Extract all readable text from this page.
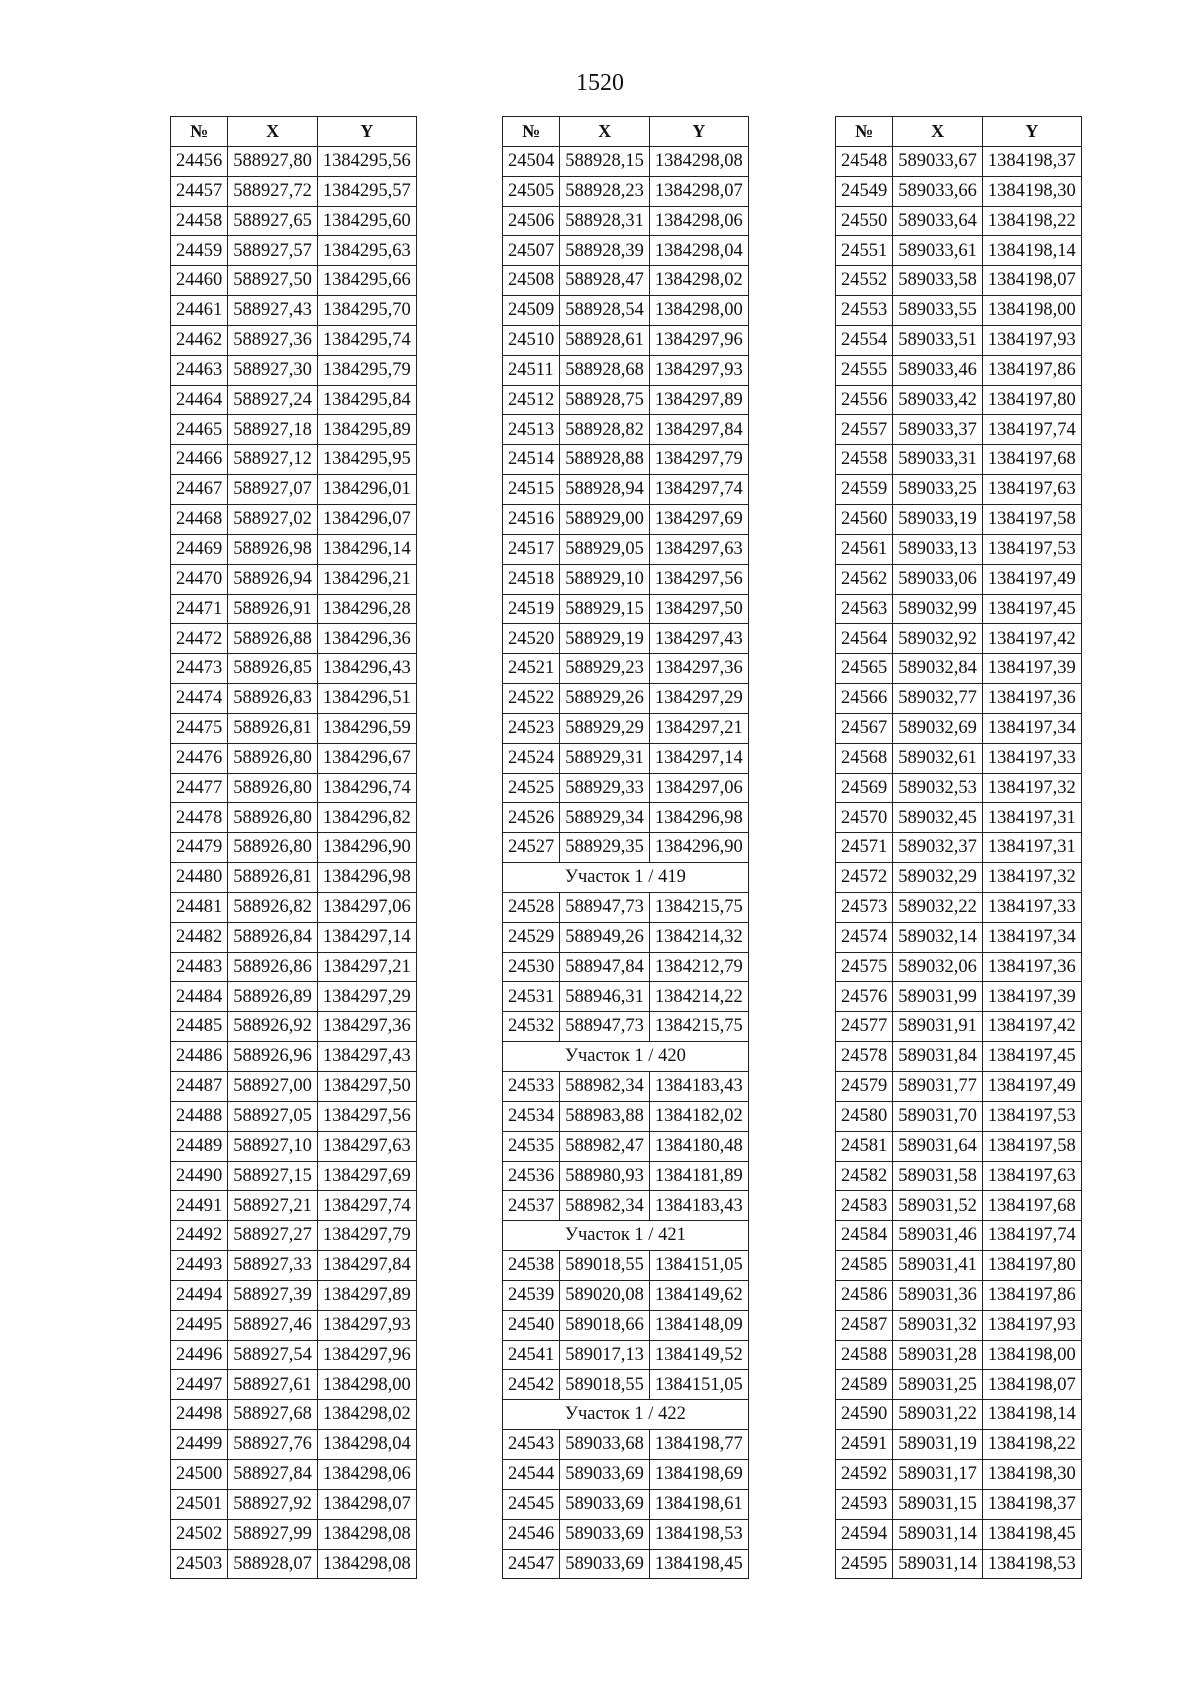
1520
№	X	Y
24456	588927,80	1384295,56
24457	588927,72	1384295,57
24458	588927,65	1384295,60
24459	588927,57	1384295,63
24460	588927,50	1384295,66
24461	588927,43	1384295,70
24462	588927,36	1384295,74
24463	588927,30	1384295,79
24464	588927,24	1384295,84
24465	588927,18	1384295,89
24466	588927,12	1384295,95
24467	588927,07	1384296,01
24468	588927,02	1384296,07
24469	588926,98	1384296,14
24470	588926,94	1384296,21
24471	588926,91	1384296,28
24472	588926,88	1384296,36
24473	588926,85	1384296,43
24474	588926,83	1384296,51
24475	588926,81	1384296,59
24476	588926,80	1384296,67
24477	588926,80	1384296,74
24478	588926,80	1384296,82
24479	588926,80	1384296,90
24480	588926,81	1384296,98
24481	588926,82	1384297,06
24482	588926,84	1384297,14
24483	588926,86	1384297,21
24484	588926,89	1384297,29
24485	588926,92	1384297,36
24486	588926,96	1384297,43
24487	588927,00	1384297,50
24488	588927,05	1384297,56
24489	588927,10	1384297,63
24490	588927,15	1384297,69
24491	588927,21	1384297,74
24492	588927,27	1384297,79
24493	588927,33	1384297,84
24494	588927,39	1384297,89
24495	588927,46	1384297,93
24496	588927,54	1384297,96
24497	588927,61	1384298,00
24498	588927,68	1384298,02
24499	588927,76	1384298,04
24500	588927,84	1384298,06
24501	588927,92	1384298,07
24502	588927,99	1384298,08
24503	588928,07	1384298,08
№	X	Y
24504	588928,15	1384298,08
24505	588928,23	1384298,07
24506	588928,31	1384298,06
24507	588928,39	1384298,04
24508	588928,47	1384298,02
24509	588928,54	1384298,00
24510	588928,61	1384297,96
24511	588928,68	1384297,93
24512	588928,75	1384297,89
24513	588928,82	1384297,84
24514	588928,88	1384297,79
24515	588928,94	1384297,74
24516	588929,00	1384297,69
24517	588929,05	1384297,63
24518	588929,10	1384297,56
24519	588929,15	1384297,50
24520	588929,19	1384297,43
24521	588929,23	1384297,36
24522	588929,26	1384297,29
24523	588929,29	1384297,21
24524	588929,31	1384297,14
24525	588929,33	1384297,06
24526	588929,34	1384296,98
24527	588929,35	1384296,90
Участок 1 / 419		
24528	588947,73	1384215,75
24529	588949,26	1384214,32
24530	588947,84	1384212,79
24531	588946,31	1384214,22
24532	588947,73	1384215,75
Участок 1 / 420		
24533	588982,34	1384183,43
24534	588983,88	1384182,02
24535	588982,47	1384180,48
24536	588980,93	1384181,89
24537	588982,34	1384183,43
Участок 1 / 421		
24538	589018,55	1384151,05
24539	589020,08	1384149,62
24540	589018,66	1384148,09
24541	589017,13	1384149,52
24542	589018,55	1384151,05
Участок 1 / 422		
24543	589033,68	1384198,77
24544	589033,69	1384198,69
24545	589033,69	1384198,61
24546	589033,69	1384198,53
24547	589033,69	1384198,45
№	X	Y
24548	589033,67	1384198,37
24549	589033,66	1384198,30
24550	589033,64	1384198,22
24551	589033,61	1384198,14
24552	589033,58	1384198,07
24553	589033,55	1384198,00
24554	589033,51	1384197,93
24555	589033,46	1384197,86
24556	589033,42	1384197,80
24557	589033,37	1384197,74
24558	589033,31	1384197,68
24559	589033,25	1384197,63
24560	589033,19	1384197,58
24561	589033,13	1384197,53
24562	589033,06	1384197,49
24563	589032,99	1384197,45
24564	589032,92	1384197,42
24565	589032,84	1384197,39
24566	589032,77	1384197,36
24567	589032,69	1384197,34
24568	589032,61	1384197,33
24569	589032,53	1384197,32
24570	589032,45	1384197,31
24571	589032,37	1384197,31
24572	589032,29	1384197,32
24573	589032,22	1384197,33
24574	589032,14	1384197,34
24575	589032,06	1384197,36
24576	589031,99	1384197,39
24577	589031,91	1384197,42
24578	589031,84	1384197,45
24579	589031,77	1384197,49
24580	589031,70	1384197,53
24581	589031,64	1384197,58
24582	589031,58	1384197,63
24583	589031,52	1384197,68
24584	589031,46	1384197,74
24585	589031,41	1384197,80
24586	589031,36	1384197,86
24587	589031,32	1384197,93
24588	589031,28	1384198,00
24589	589031,25	1384198,07
24590	589031,22	1384198,14
24591	589031,19	1384198,22
24592	589031,17	1384198,30
24593	589031,15	1384198,37
24594	589031,14	1384198,45
24595	589031,14	1384198,53
